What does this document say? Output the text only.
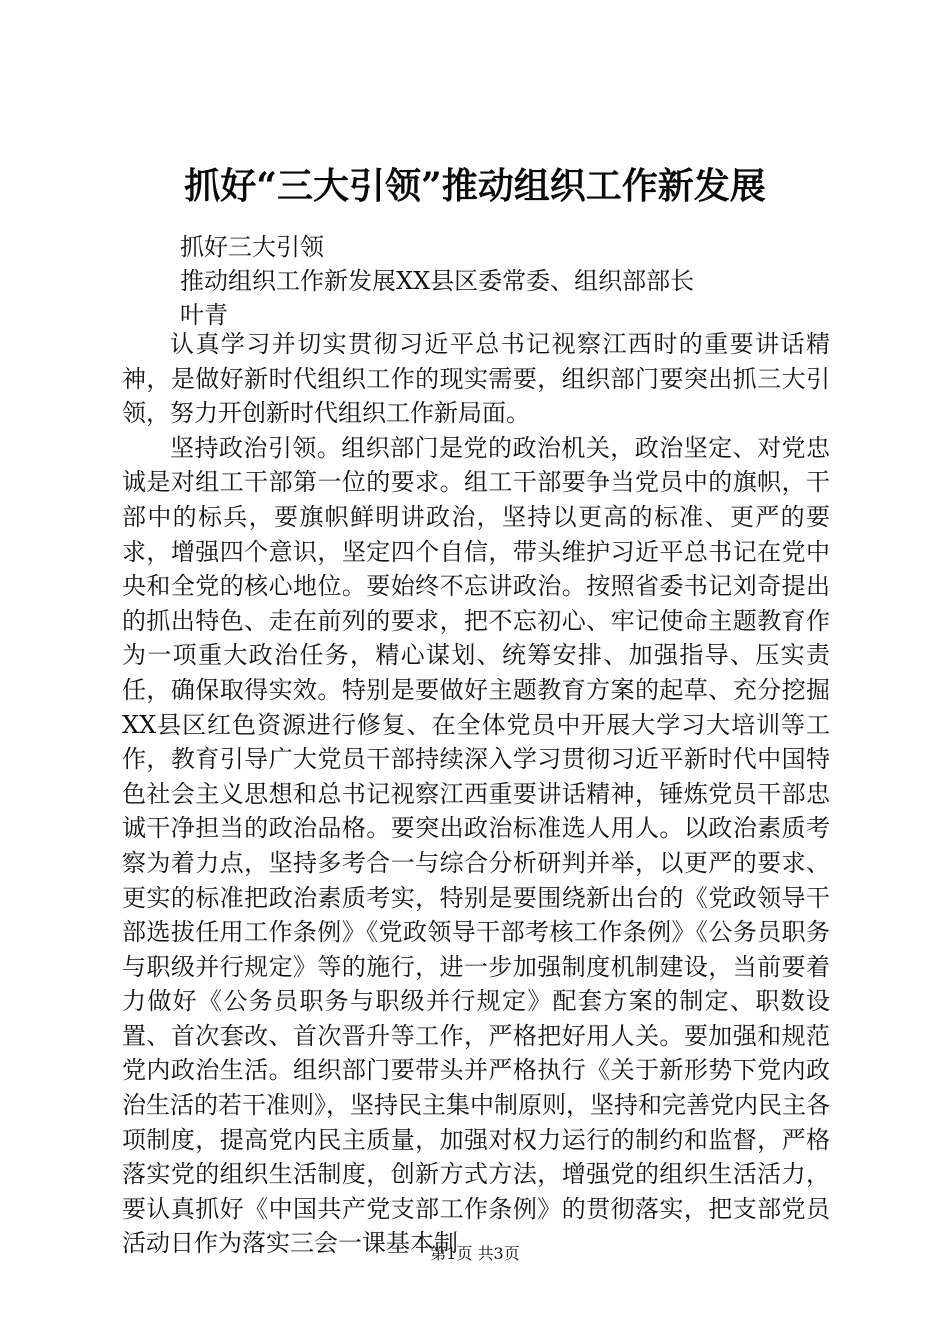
抓好“三大引领”推动组织工作新发展
抓好三大引领
推动组织工作新发展XX县区委常委、组织部部长
叶青

认真学习并切实贯彻习近平总书记视察江西时的重要讲话精神，是做好新时代组织工作的现实需要，组织部门要突出抓三大引领，努力开创新时代组织工作新局面。

坚持政治引领。组织部门是党的政治机关，政治坚定、对党忠诚是对组工干部第一位的要求。组工干部要争当党员中的旗帜，干部中的标兵，要旗帜鲜明讲政治，坚持以更高的标准、更严的要求，增强四个意识，坚定四个自信，带头维护习近平总书记在党中央和全党的核心地位。要始终不忘讲政治。按照省委书记刘奇提出的抓出特色、走在前列的要求，把不忘初心、牢记使命主题教育作为一项重大政治任务，精心谋划、统筹安排、加强指导、压实责任，确保取得实效。特别是要做好主题教育方案的起草、充分挖掘XX县区红色资源进行修复、在全体党员中开展大学习大培训等工作，教育引导广大党员干部持续深入学习贯彻习近平新时代中国特色社会主义思想和总书记视察江西重要讲话精神，锤炼党员干部忠诚干净担当的政治品格。要突出政治标准选人用人。以政治素质考察为着力点，坚持多考合一与综合分析研判并举，以更严的要求、更实的标准把政治素质考实，特别是要围绕新出台的《党政领导干部选拔任用工作条例》《党政领导干部考核工作条例》《公务员职务与职级并行规定》等的施行，进一步加强制度机制建设，当前要着力做好《公务员职务与职级并行规定》配套方案的制定、职数设置、首次套改、首次晋升等工作，严格把好用人关。要加强和规范党内政治生活。组织部门要带头并严格执行《关于新形势下党内政治生活的若干准则》，坚持民主集中制原则，坚持和完善党内民主各项制度，提高党内民主质量，加强对权力运行的制约和监督，严格落实党的组织生活制度，创新方式方法，增强党的组织生活活力，要认真抓好《中国共产党支部工作条例》的贯彻落实，把支部党员活动日作为落实三会一课基本制

第1页 共3页
